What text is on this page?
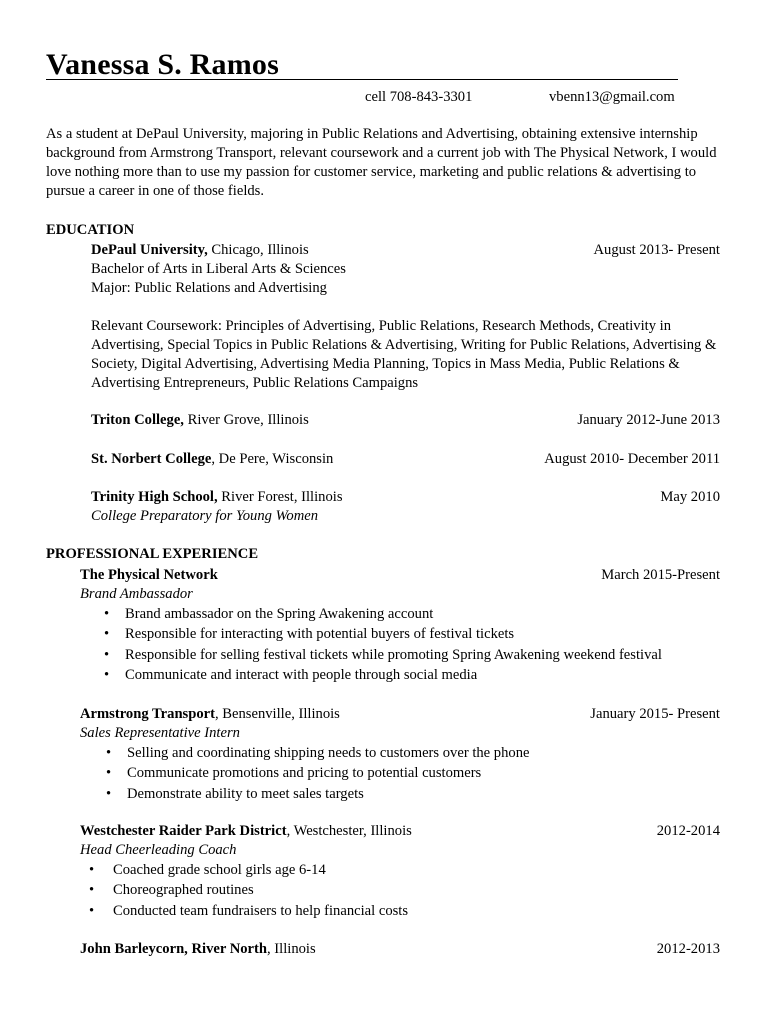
Vanessa S. Ramos
cell 708-843-3301	vbenn13@gmail.com

As a student at DePaul University, majoring in Public Relations and Advertising, obtaining extensive internship background from Armstrong Transport, relevant coursework and a current job with The Physical Network, I would love nothing more than to use my passion for customer service, marketing and public relations & advertising to pursue a career in one of those fields.

EDUCATION
DePaul University, Chicago, Illinois	August 2013- Present
Bachelor of Arts in Liberal Arts & Sciences
Major: Public Relations and Advertising

Relevant Coursework: Principles of Advertising, Public Relations, Research Methods, Creativity in Advertising, Special Topics in Public Relations & Advertising, Writing for Public Relations, Advertising & Society, Digital Advertising, Advertising Media Planning, Topics in Mass Media, Public Relations & Advertising Entrepreneurs, Public Relations Campaigns

Triton College, River Grove, Illinois	January 2012-June 2013
St. Norbert College, De Pere, Wisconsin	August 2010- December 2011
Trinity High School, River Forest, Illinois	May 2010
College Preparatory for Young Women
PROFESSIONAL EXPERIENCE
The Physical Network	March 2015-Present
Brand Ambassador
• Brand ambassador on the Spring Awakening account
• Responsible for interacting with potential buyers of festival tickets
• Responsible for selling festival tickets while promoting Spring Awakening weekend festival
• Communicate and interact with people through social media
Armstrong Transport, Bensenville, Illinois	January 2015- Present
Sales Representative Intern
• Selling and coordinating shipping needs to customers over the phone
• Communicate promotions and pricing to potential customers
• Demonstrate ability to meet sales targets
Westchester Raider Park District, Westchester, Illinois	2012-2014
Head Cheerleading Coach
• Coached grade school girls age 6-14
• Choreographed routines
• Conducted team fundraisers to help financial costs
John Barleycorn, River North, Illinois	2012-2013
